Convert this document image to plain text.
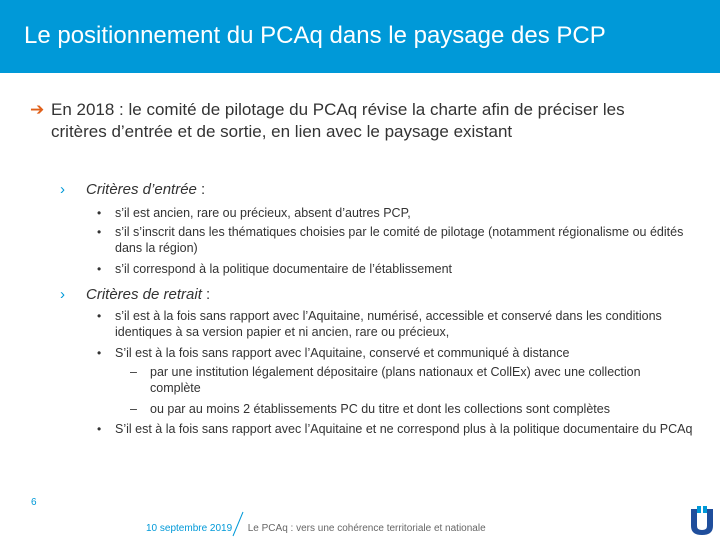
Le positionnement du PCAq dans le paysage des PCP
➔ En 2018 : le comité de pilotage du PCAq révise la charte afin de préciser les critères d’entrée et de sortie, en lien avec le paysage existant
› Critères d’entrée :
• s’il est ancien, rare ou précieux, absent d’autres PCP,
• s’il s’inscrit dans les thématiques choisies par le comité de pilotage (notamment régionalisme ou édités dans la région)
• s’il correspond à la politique documentaire de l’établissement
› Critères de retrait :
• s’il est à la fois sans rapport avec l’Aquitaine, numérisé, accessible et conservé dans les conditions identiques à sa version papier et ni ancien, rare ou précieux,
• S’il est à la fois sans rapport avec l’Aquitaine, conservé et communiqué à distance
– par une institution légalement dépositaire (plans nationaux et CollEx) avec une collection complète
– ou par au moins 2 établissements PC du titre et dont les collections sont complètes
• S’il est à la fois sans rapport avec l’Aquitaine et ne correspond plus à la politique documentaire du PCAq
6
10 septembre 2019 Le PCAq : vers une cohérence territoriale et nationale
